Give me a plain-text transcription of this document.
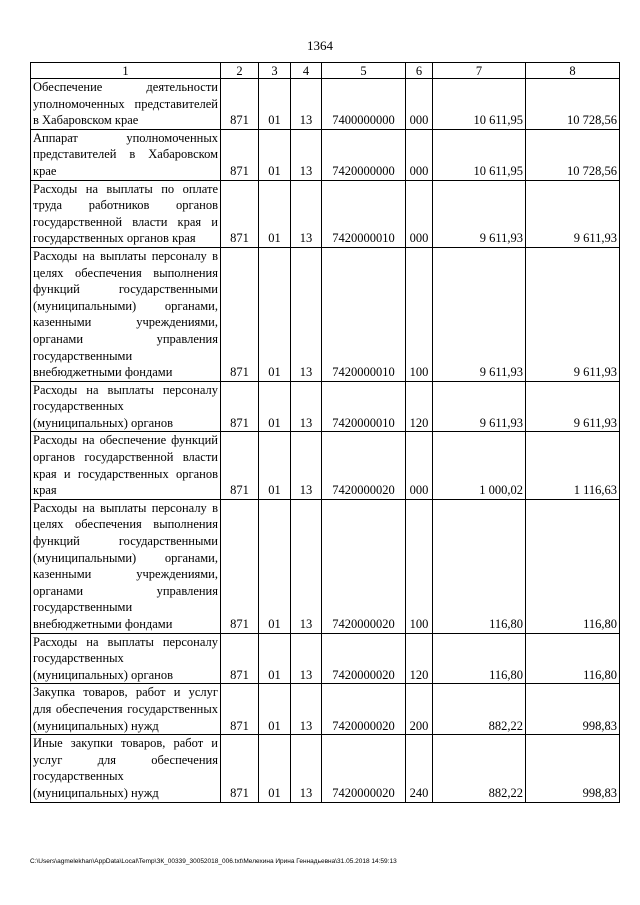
1364
1	2	3	4	5	6	7	8
Обеспечение деятельности уполномоченных представителей в Хабаровском крае	871	01	13	7400000000	000	10 611,95	10 728,56
Аппарат уполномоченных представителей в Хабаровском крае	871	01	13	7420000000	000	10 611,95	10 728,56
Расходы на выплаты по оплате труда работников органов государственной власти края и государственных органов края	871	01	13	7420000010	000	9 611,93	9 611,93
Расходы на выплаты персоналу в целях обеспечения выполнения функций государственными (муниципальными) органами, казенными учреждениями, органами управления государственными внебюджетными фондами	871	01	13	7420000010	100	9 611,93	9 611,93
Расходы на выплаты персоналу государственных (муниципальных) органов	871	01	13	7420000010	120	9 611,93	9 611,93
Расходы на обеспечение функций органов государственной власти края и государственных органов края	871	01	13	7420000020	000	1 000,02	1 116,63
Расходы на выплаты персоналу в целях обеспечения выполнения функций государственными (муниципальными) органами, казенными учреждениями, органами управления государственными внебюджетными фондами	871	01	13	7420000020	100	116,80	116,80
Расходы на выплаты персоналу государственных (муниципальных) органов	871	01	13	7420000020	120	116,80	116,80
Закупка товаров, работ и услуг для обеспечения государственных (муниципальных) нужд	871	01	13	7420000020	200	882,22	998,83
Иные закупки товаров, работ и услуг для обеспечения государственных (муниципальных) нужд	871	01	13	7420000020	240	882,22	998,83
C:\Users\agmelekhan\AppData\Local\Temp\ЗК_00339_30052018_006.txt\Мелехина Ирина Геннадьевна\31.05.2018 14:59:13
